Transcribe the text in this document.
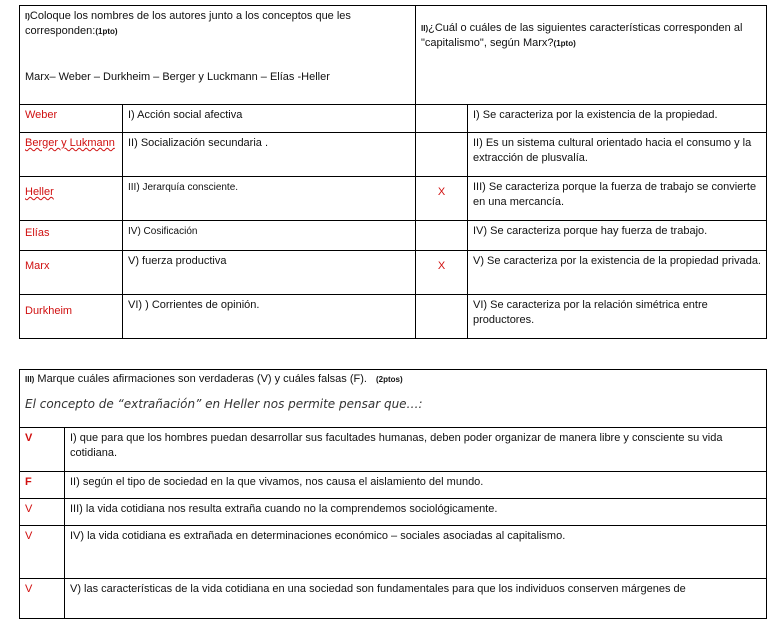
I)Coloque los nombres de los autores junto a los conceptos que les corresponden:(1pto)
Marx– Weber – Durkheim – Berger y Luckmann – Elías -Heller		II)¿Cuál o cuáles de las siguientes características corresponden al "capitalismo", según Marx?(1pto)	
Weber	I) Acción social afectiva		I) Se caracteriza por la existencia de la propiedad.
Berger y Lukmann	II) Socialización secundaria .		II) Es un sistema cultural orientado hacia el consumo y la extracción de plusvalía.
Heller	III) Jerarquía consciente.	X	III) Se caracteriza porque la fuerza de trabajo se convierte en una mercancía.
Elías	IV) Cosificación		IV) Se caracteriza porque hay fuerza de trabajo.
Marx	V) fuerza productiva	X	V) Se caracteriza por la existencia de la propiedad privada.
Durkheim	VI) ) Corrientes de opinión.		VI) Se caracteriza por la relación simétrica entre productores.
III) Marque cuáles afirmaciones son verdaderas (V) y cuáles falsas (F). (2ptos)
El concepto de “extrañación” en Heller nos permite pensar que…:	

V	I) que para que los hombres puedan desarrollar sus facultades humanas, deben poder organizar de manera libre y consciente su vida cotidiana.
F	II) según el tipo de sociedad en la que vivamos, nos causa el aislamiento del mundo.
V	III) la vida cotidiana nos resulta extraña cuando no la comprendemos sociológicamente.
V	IV) la vida cotidiana es extrañada en determinaciones económico – sociales asociadas al capitalismo.
V	V) las características de la vida cotidiana en una sociedad son fundamentales para que los individuos conserven márgenes de
